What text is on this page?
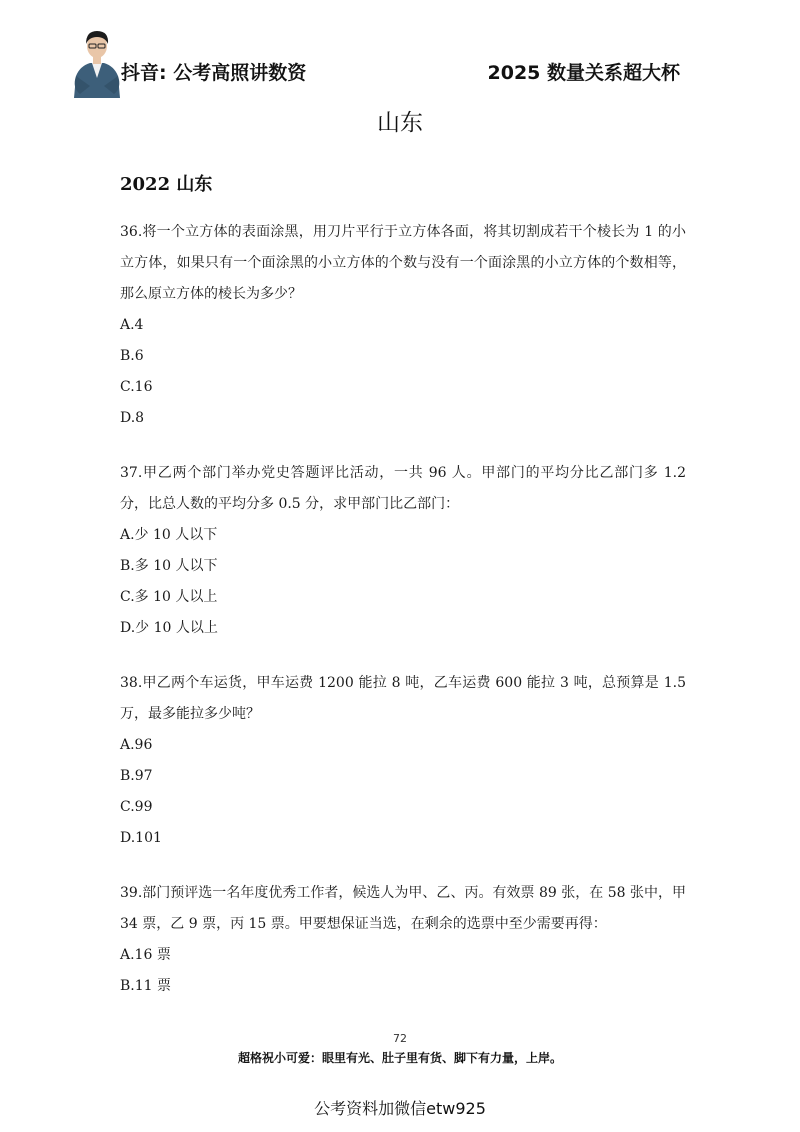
抖音: 公考高照讲数资	2025 数量关系超大杯
山东
2022 山东
36.将一个立方体的表面涂黑，用刀片平行于立方体各面，将其切割成若干个棱长为 1 的小立方体，如果只有一个面涂黑的小立方体的个数与没有一个面涂黑的小立方体的个数相等，那么原立方体的棱长为多少？
A.4
B.6
C.16
D.8
37.甲乙两个部门举办党史答题评比活动，一共 96 人。甲部门的平均分比乙部门多 1.2 分，比总人数的平均分多 0.5 分，求甲部门比乙部门：
A.少 10 人以下
B.多 10 人以下
C.多 10 人以上
D.少 10 人以上
38.甲乙两个车运货，甲车运费 1200 能拉 8 吨，乙车运费 600 能拉 3 吨，总预算是 1.5 万，最多能拉多少吨？
A.96
B.97
C.99
D.101
39.部门预评选一名年度优秀工作者，候选人为甲、乙、丙。有效票 89 张，在 58 张中，甲 34 票，乙 9 票，丙 15 票。甲要想保证当选，在剩余的选票中至少需要再得：
A.16 票
B.11 票
72
超格祝小可爱：眼里有光、肚子里有货、脚下有力量，上岸。
公考资料加微信etw925
